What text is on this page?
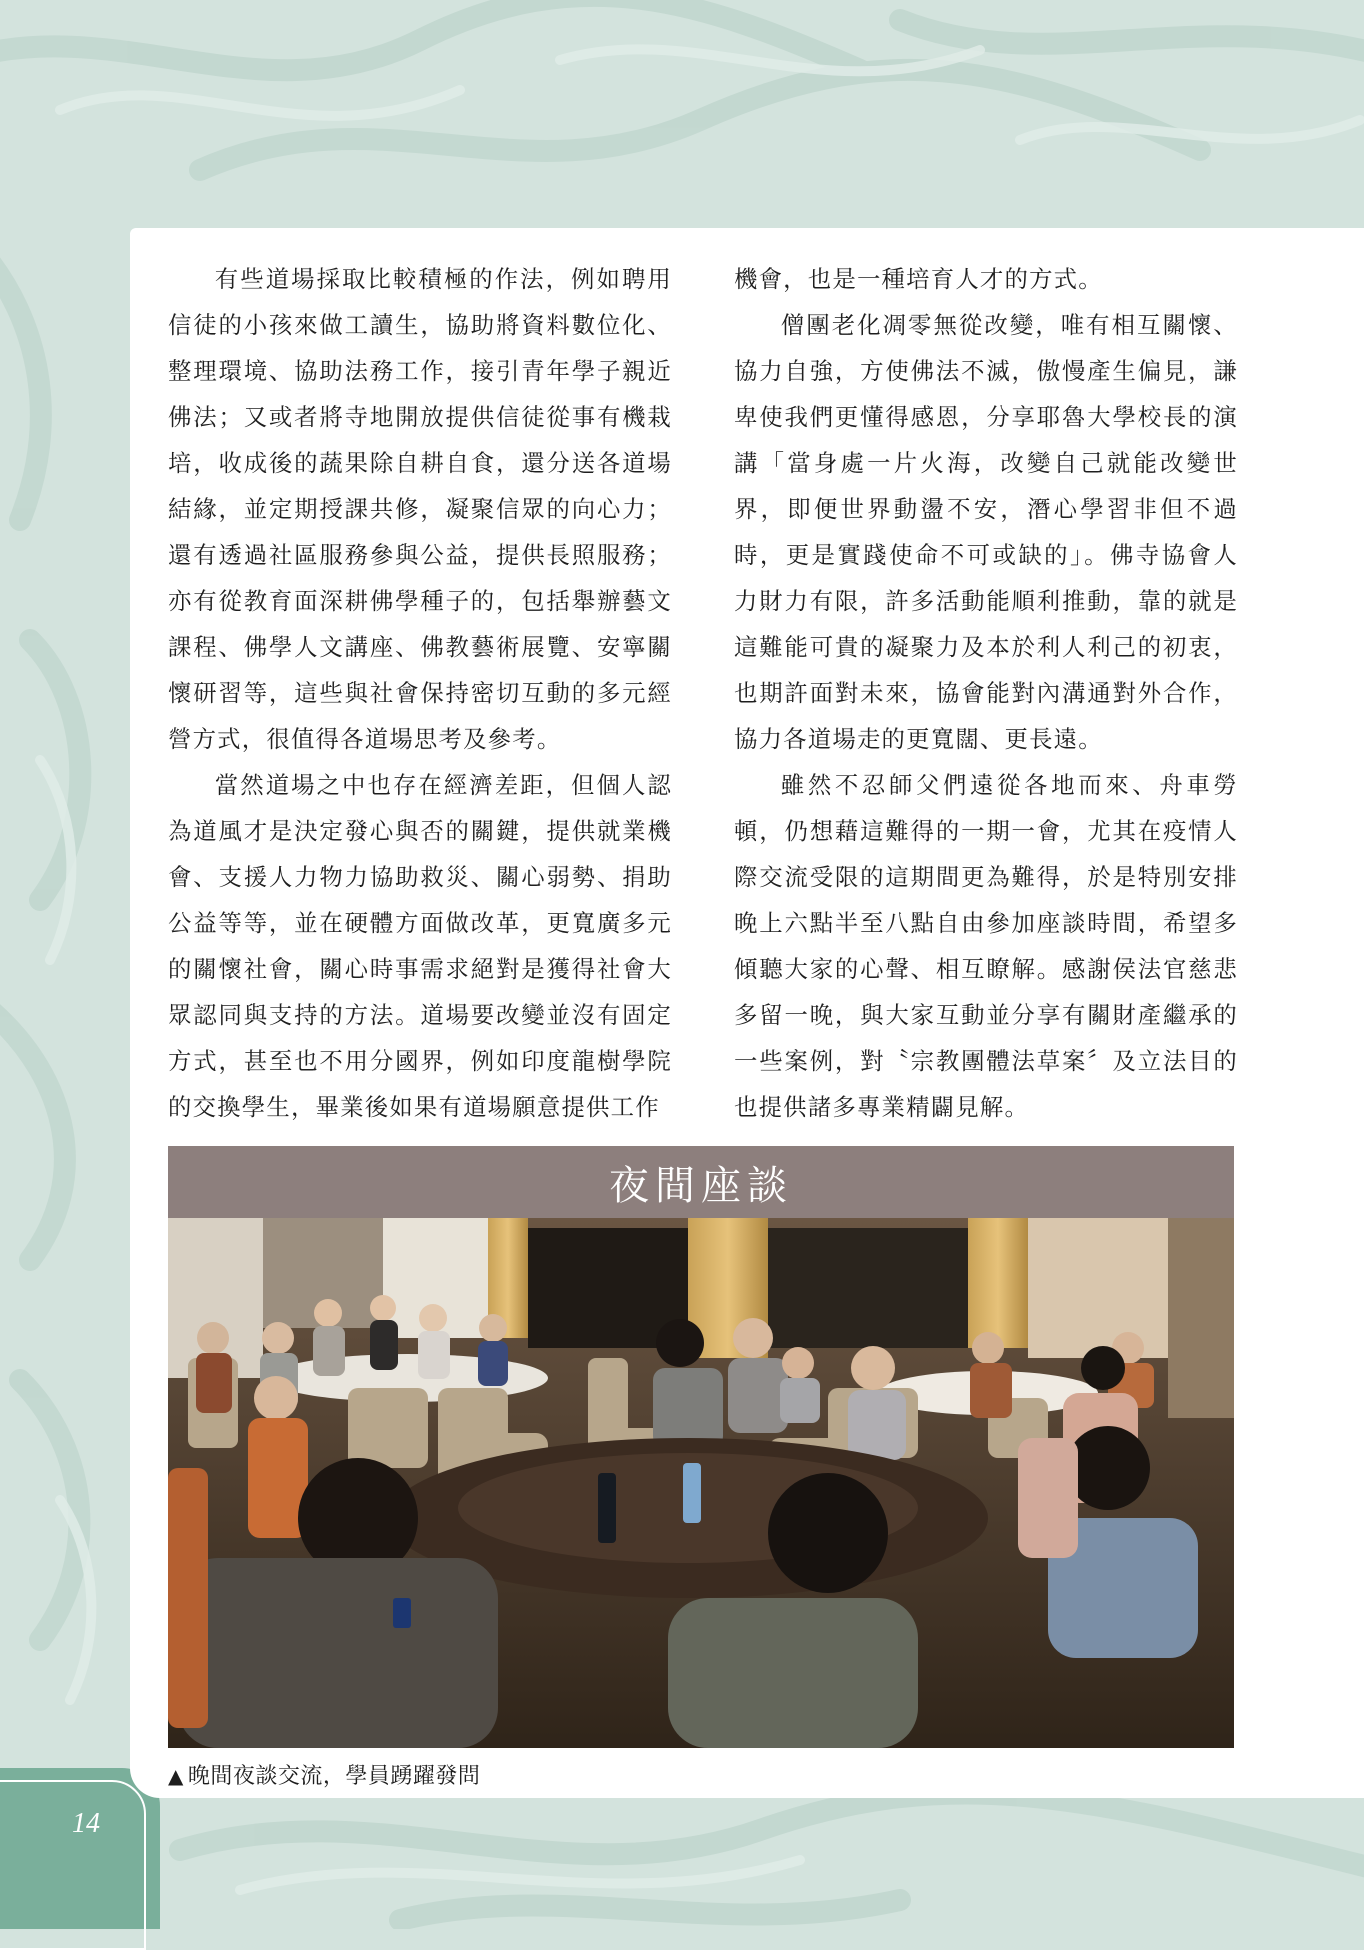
有些道場採取比較積極的作法，例如聘用信徒的小孩來做工讀生，協助將資料數位化、整理環境、協助法務工作，接引青年學子親近佛法；又或者將寺地開放提供信徒從事有機栽培，收成後的蔬果除自耕自食，還分送各道場結緣，並定期授課共修，凝聚信眾的向心力；還有透過社區服務參與公益，提供長照服務；亦有從教育面深耕佛學種子的，包括舉辦藝文課程、佛學人文講座、佛教藝術展覽、安寧關懷研習等，這些與社會保持密切互動的多元經營方式，很值得各道場思考及參考。

當然道場之中也存在經濟差距，但個人認為道風才是決定發心與否的關鍵，提供就業機會、支援人力物力協助救災、關心弱勢、捐助公益等等，並在硬體方面做改革，更寬廣多元的關懷社會，關心時事需求絕對是獲得社會大眾認同與支持的方法。道場要改變並沒有固定方式，甚至也不用分國界，例如印度龍樹學院的交換學生，畢業後如果有道場願意提供工作

機會，也是一種培育人才的方式。

僧團老化凋零無從改變，唯有相互關懷、協力自強，方使佛法不滅，傲慢產生偏見，謙卑使我們更懂得感恩，分享耶魯大學校長的演講「當身處一片火海，改變自己就能改變世界，即便世界動盪不安，潛心學習非但不過時，更是實踐使命不可或缺的」。佛寺協會人力財力有限，許多活動能順利推動，靠的就是這難能可貴的凝聚力及本於利人利己的初衷，也期許面對未來，協會能對內溝通對外合作，協力各道場走的更寬闊、更長遠。

雖然不忍師父們遠從各地而來、舟車勞頓，仍想藉這難得的一期一會，尤其在疫情人際交流受限的這期間更為難得，於是特別安排晚上六點半至八點自由參加座談時間，希望多傾聽大家的心聲、相互瞭解。感謝侯法官慈悲多留一晚，與大家互動並分享有關財產繼承的一些案例，對〝宗教團體法草案〞及立法目的也提供諸多專業精闢見解。

夜間座談
▲ 晚間夜談交流，學員踴躍發問
14
